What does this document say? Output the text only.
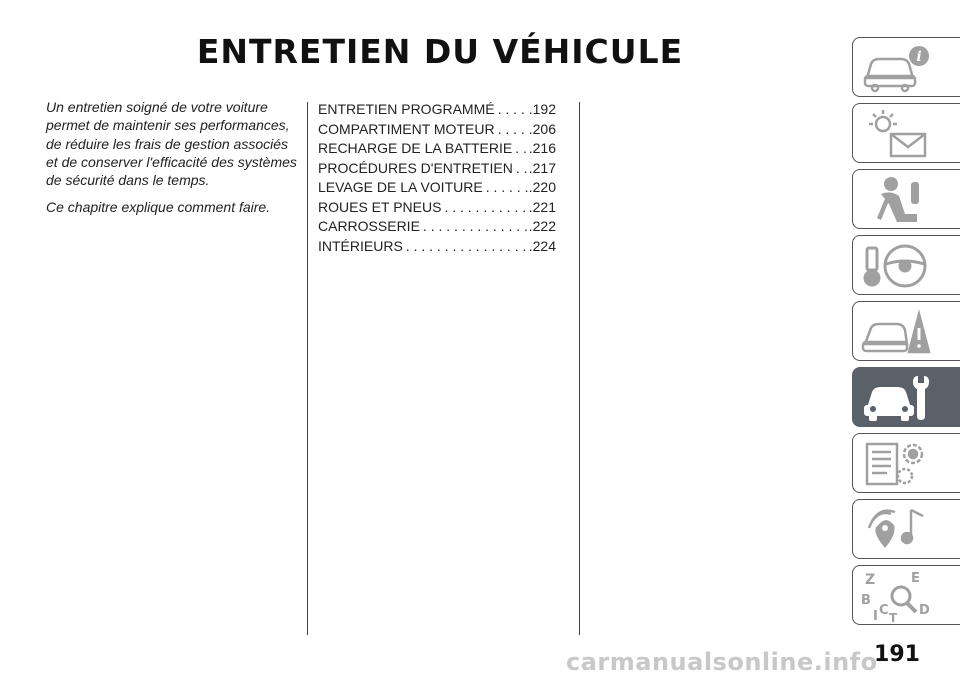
ENTRETIEN DU VÉHICULE

Un entretien soigné de votre voiture permet de maintenir ses performances, de réduire les frais de gestion associés et de conserver l'efficacité des systèmes de sécurité dans le temps.

Ce chapitre explique comment faire.

ENTRETIEN PROGRAMMÉ . . . .192
COMPARTIMENT MOTEUR . . . .206
RECHARGE DE LA BATTERIE . . . .216
PROCÉDURES D'ENTRETIEN . . . .217
LEVAGE DE LA VOITURE . . .	.220
ROUES ET PNEUS . . .	.221
CARROSSERIE . . .	.222
INTÉRIEURS . . .	.224
i
Z	E
B
C D
I T
191
carmanualsonline.info
